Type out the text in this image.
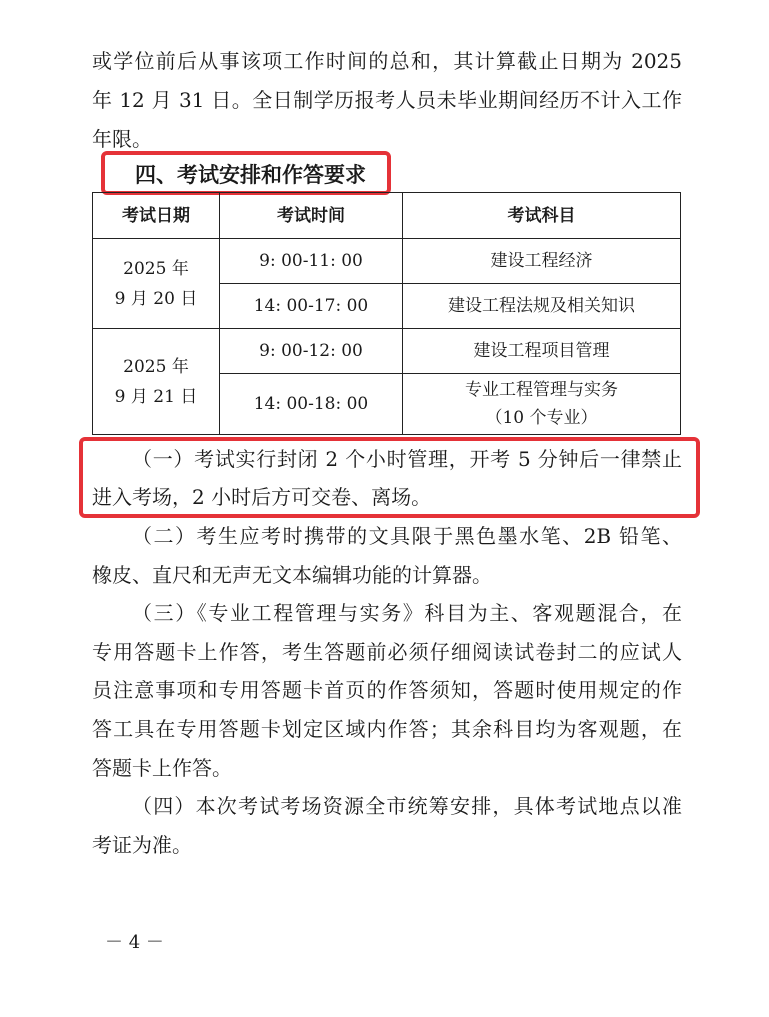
或学位前后从事该项工作时间的总和，其计算截止日期为 2025
年 12 月 31 日。全日制学历报考人员未毕业期间经历不计入工作
年限。
四、考试安排和作答要求
考试日期	考试时间	考试科目

2025 年
9 月 20 日	9: 00-11: 00	建设工程经济
	14: 00-17: 00	建设工程法规及相关知识

2025 年
9 月 21 日	9: 00-12: 00	建设工程项目管理
	14: 00-18: 00	专业工程管理与实务
（10 个专业）
（一）考试实行封闭 2 个小时管理，开考 5 分钟后一律禁止
进入考场，2 小时后方可交卷、离场。
（二）考生应考时携带的文具限于黑色墨水笔、2B 铅笔、
橡皮、直尺和无声无文本编辑功能的计算器。
（三）《专业工程管理与实务》科目为主、客观题混合，在
专用答题卡上作答，考生答题前必须仔细阅读试卷封二的应试人
员注意事项和专用答题卡首页的作答须知，答题时使用规定的作
答工具在专用答题卡划定区域内作答；其余科目均为客观题，在
答题卡上作答。
（四）本次考试考场资源全市统筹安排，具体考试地点以准
考证为准。
－ 4 －
